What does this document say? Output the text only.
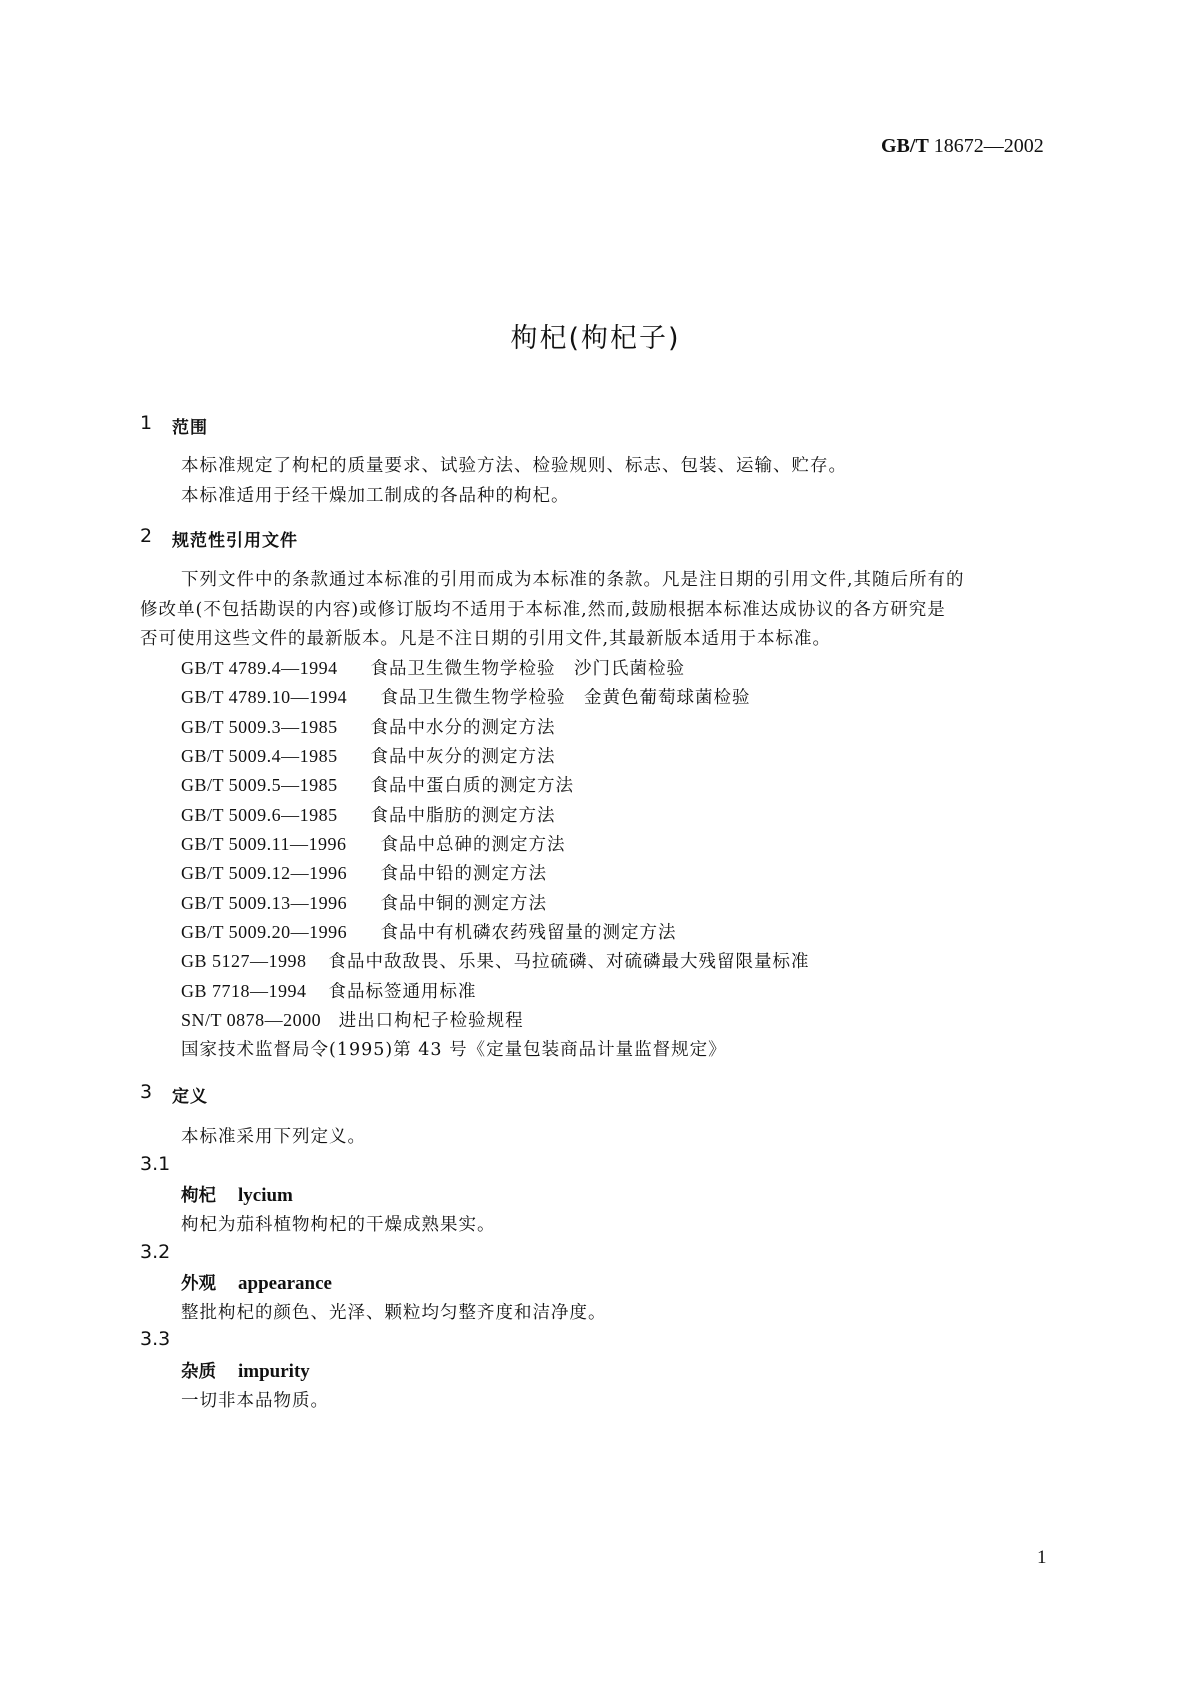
GB/T 18672—2002
枸杞(枸杞子)
1 范围
本标准规定了枸杞的质量要求、试验方法、检验规则、标志、包装、运输、贮存。
本标准适用于经干燥加工制成的各品种的枸杞。
2 规范性引用文件
下列文件中的条款通过本标准的引用而成为本标准的条款。凡是注日期的引用文件,其随后所有的
修改单(不包括勘误的内容)或修订版均不适用于本标准,然而,鼓励根据本标准达成协议的各方研究是
否可使用这些文件的最新版本。凡是不注日期的引用文件,其最新版本适用于本标准。
GB/T 4789.4—1994　 食品卫生微生物学检验　沙门氏菌检验
GB/T 4789.10—1994　 食品卫生微生物学检验　金黄色葡萄球菌检验
GB/T 5009.3—1985　 食品中水分的测定方法
GB/T 5009.4—1985　 食品中灰分的测定方法
GB/T 5009.5—1985　 食品中蛋白质的测定方法
GB/T 5009.6—1985　 食品中脂肪的测定方法
GB/T 5009.11—1996　 食品中总砷的测定方法
GB/T 5009.12—1996　 食品中铅的测定方法
GB/T 5009.13—1996　 食品中铜的测定方法
GB/T 5009.20—1996　 食品中有机磷农药残留量的测定方法
GB 5127—1998　 食品中敌敌畏、乐果、马拉硫磷、对硫磷最大残留限量标准
GB 7718—1994　 食品标签通用标准
SN/T 0878—2000　 进出口枸杞子检验规程
国家技术监督局令(1995)第 43 号《定量包装商品计量监督规定》
3 定义
本标准采用下列定义。
3.1
枸杞 lycium
枸杞为茄科植物枸杞的干燥成熟果实。
3.2
外观 appearance
整批枸杞的颜色、光泽、颗粒均匀整齐度和洁净度。
3.3
杂质 impurity
一切非本品物质。
1
